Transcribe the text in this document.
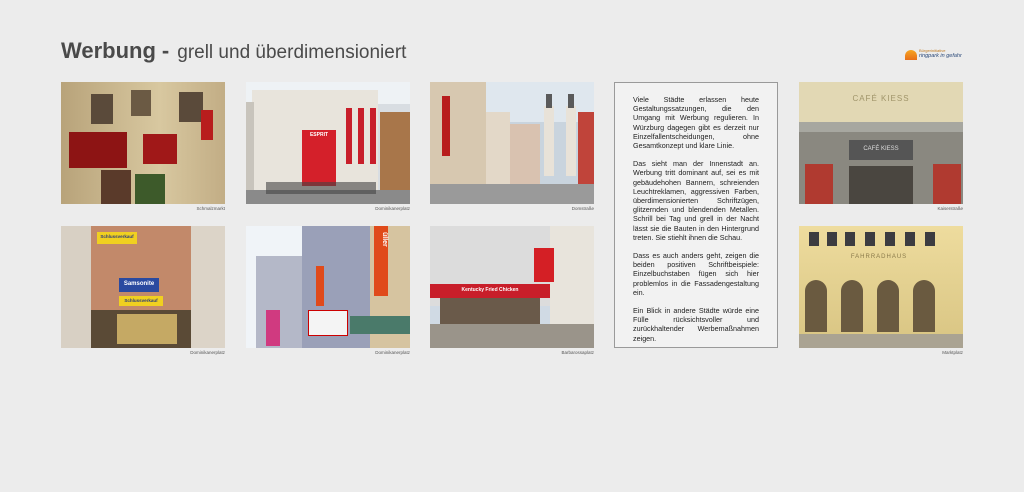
Werbung - grell und überdimensioniert	Bürgerinitiative
ringpark in gefahr
Schmalzmarkt
ESPRIT
Dominikanerplatz	Domstraße
CAFÉ KIESS
CAFÉ KIESS
Kaiserstraße
Schlussverkauf
Samsonite
Schlussverkauf
Dominikanerplatz
üller
Dominikanerplatz
Kentucky Fried Chicken
Barbarossaplatz
FAHRRADHAUS
Marktplatz

Viele Städte erlassen heute Gestaltungssatzungen, die den Umgang mit Werbung regulieren. In Würzburg dagegen gibt es derzeit nur Einzelfallentscheidungen, ohne Gesamtkonzept und klare Linie.

Das sieht man der Innenstadt an. Werbung tritt dominant auf, sei es mit gebäudehohen Bannern, schreienden Leuchtreklamen, aggressiven Farben, überdimensionierten Schriftzügen, glitzernden und blendenden Metallen. Schrill bei Tag und grell in der Nacht lässt sie die Bauten in den Hintergrund treten. Sie stiehlt ihnen die Schau.

Dass es auch anders geht, zeigen die beiden positiven Schriftbeispiele: Einzelbuchstaben fügen sich hier problemlos in die Fassadengestaltung ein.

Ein Blick in andere Städte würde eine Fülle rücksichtsvoller und zurückhaltender Werbemaßnahmen zeigen.
